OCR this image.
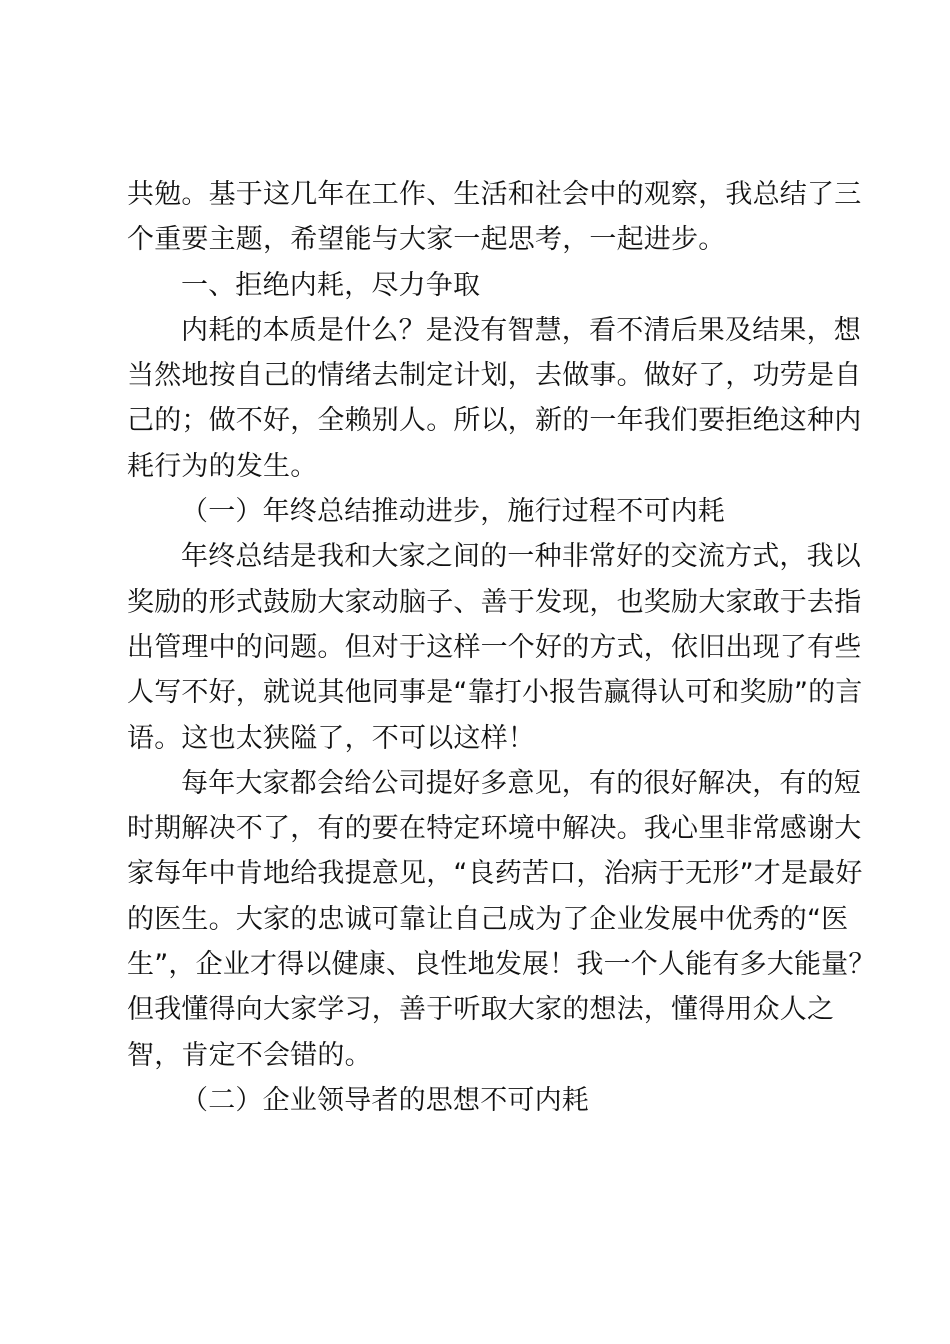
共勉。基于这几年在工作、生活和社会中的观察，我总结了三
个重要主题，希望能与大家一起思考，一起进步。
一、拒绝内耗，尽力争取
内耗的本质是什么？是没有智慧，看不清后果及结果，想
当然地按自己的情绪去制定计划，去做事。做好了，功劳是自
己的；做不好，全赖别人。所以，新的一年我们要拒绝这种内
耗行为的发生。
（一）年终总结推动进步，施行过程不可内耗
年终总结是我和大家之间的一种非常好的交流方式，我以
奖励的形式鼓励大家动脑子、善于发现，也奖励大家敢于去指
出管理中的问题。但对于这样一个好的方式，依旧出现了有些
人写不好，就说其他同事是“靠打小报告赢得认可和奖励”的言
语。这也太狭隘了，不可以这样！
每年大家都会给公司提好多意见，有的很好解决，有的短
时期解决不了，有的要在特定环境中解决。我心里非常感谢大
家每年中肯地给我提意见，“良药苦口，治病于无形”才是最好
的医生。大家的忠诚可靠让自己成为了企业发展中优秀的“医
生”，企业才得以健康、良性地发展！我一个人能有多大能量？
但我懂得向大家学习，善于听取大家的想法，懂得用众人之
智，肯定不会错的。
（二）企业领导者的思想不可内耗
